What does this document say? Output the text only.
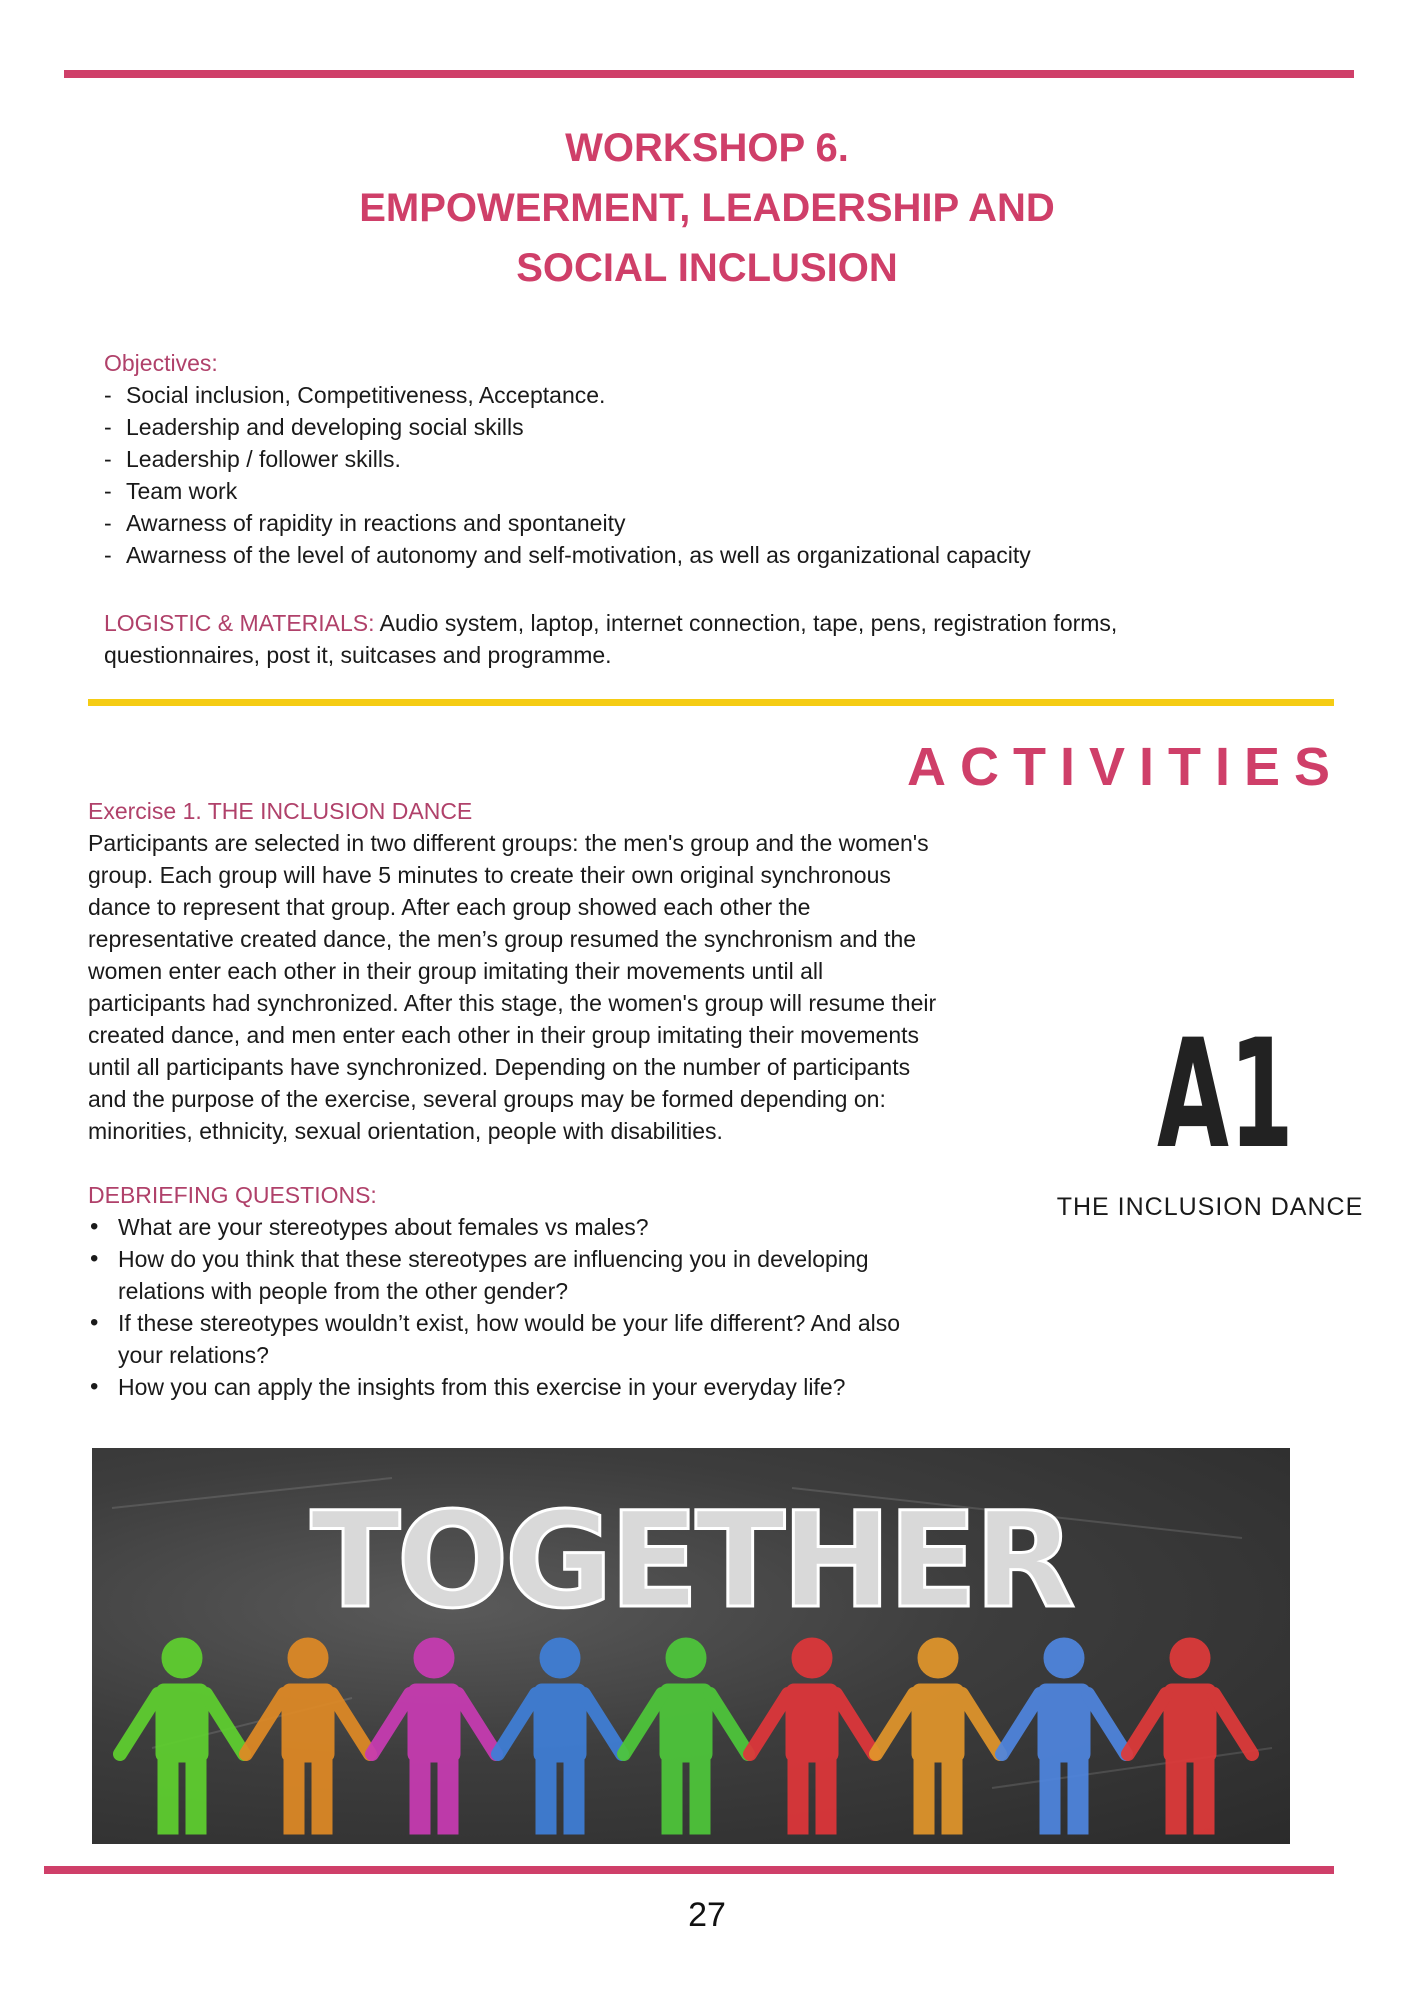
WORKSHOP 6.
EMPOWERMENT, LEADERSHIP AND
SOCIAL INCLUSION
Objectives:
- Social inclusion, Competitiveness, Acceptance.
- Leadership and developing social skills
- Leadership / follower skills.
- Team work
- Awarness of rapidity in reactions and spontaneity
- Awarness of the level of autonomy and self-motivation, as well as organizational capacity
LOGISTIC & MATERIALS: Audio system, laptop, internet connection, tape, pens, registration forms,
questionnaires, post it, suitcases and programme.
ACTIVITIES
Exercise 1. THE INCLUSION DANCE
Participants are selected in two different groups: the men's group and the women's
group. Each group will have 5 minutes to create their own original synchronous
dance to represent that group. After each group showed each other the
representative created dance, the men’s group resumed the synchronism and the
women enter each other in their group imitating their movements until all
participants had synchronized. After this stage, the women's group will resume their
created dance, and men enter each other in their group imitating their movements
until all participants have synchronized. Depending on the number of participants
and the purpose of the exercise, several groups may be formed depending on:
minorities, ethnicity, sexual orientation, people with disabilities.
DEBRIEFING QUESTIONS:
• What are your stereotypes about females vs males?
• How do you think that these stereotypes are influencing you in developing
relations with people from the other gender?
• If these stereotypes wouldn’t exist, how would be your life different? And also
your relations?
• How you can apply the insights from this exercise in your everyday life?
A1
THE INCLUSION DANCE
TOGETHER
27
